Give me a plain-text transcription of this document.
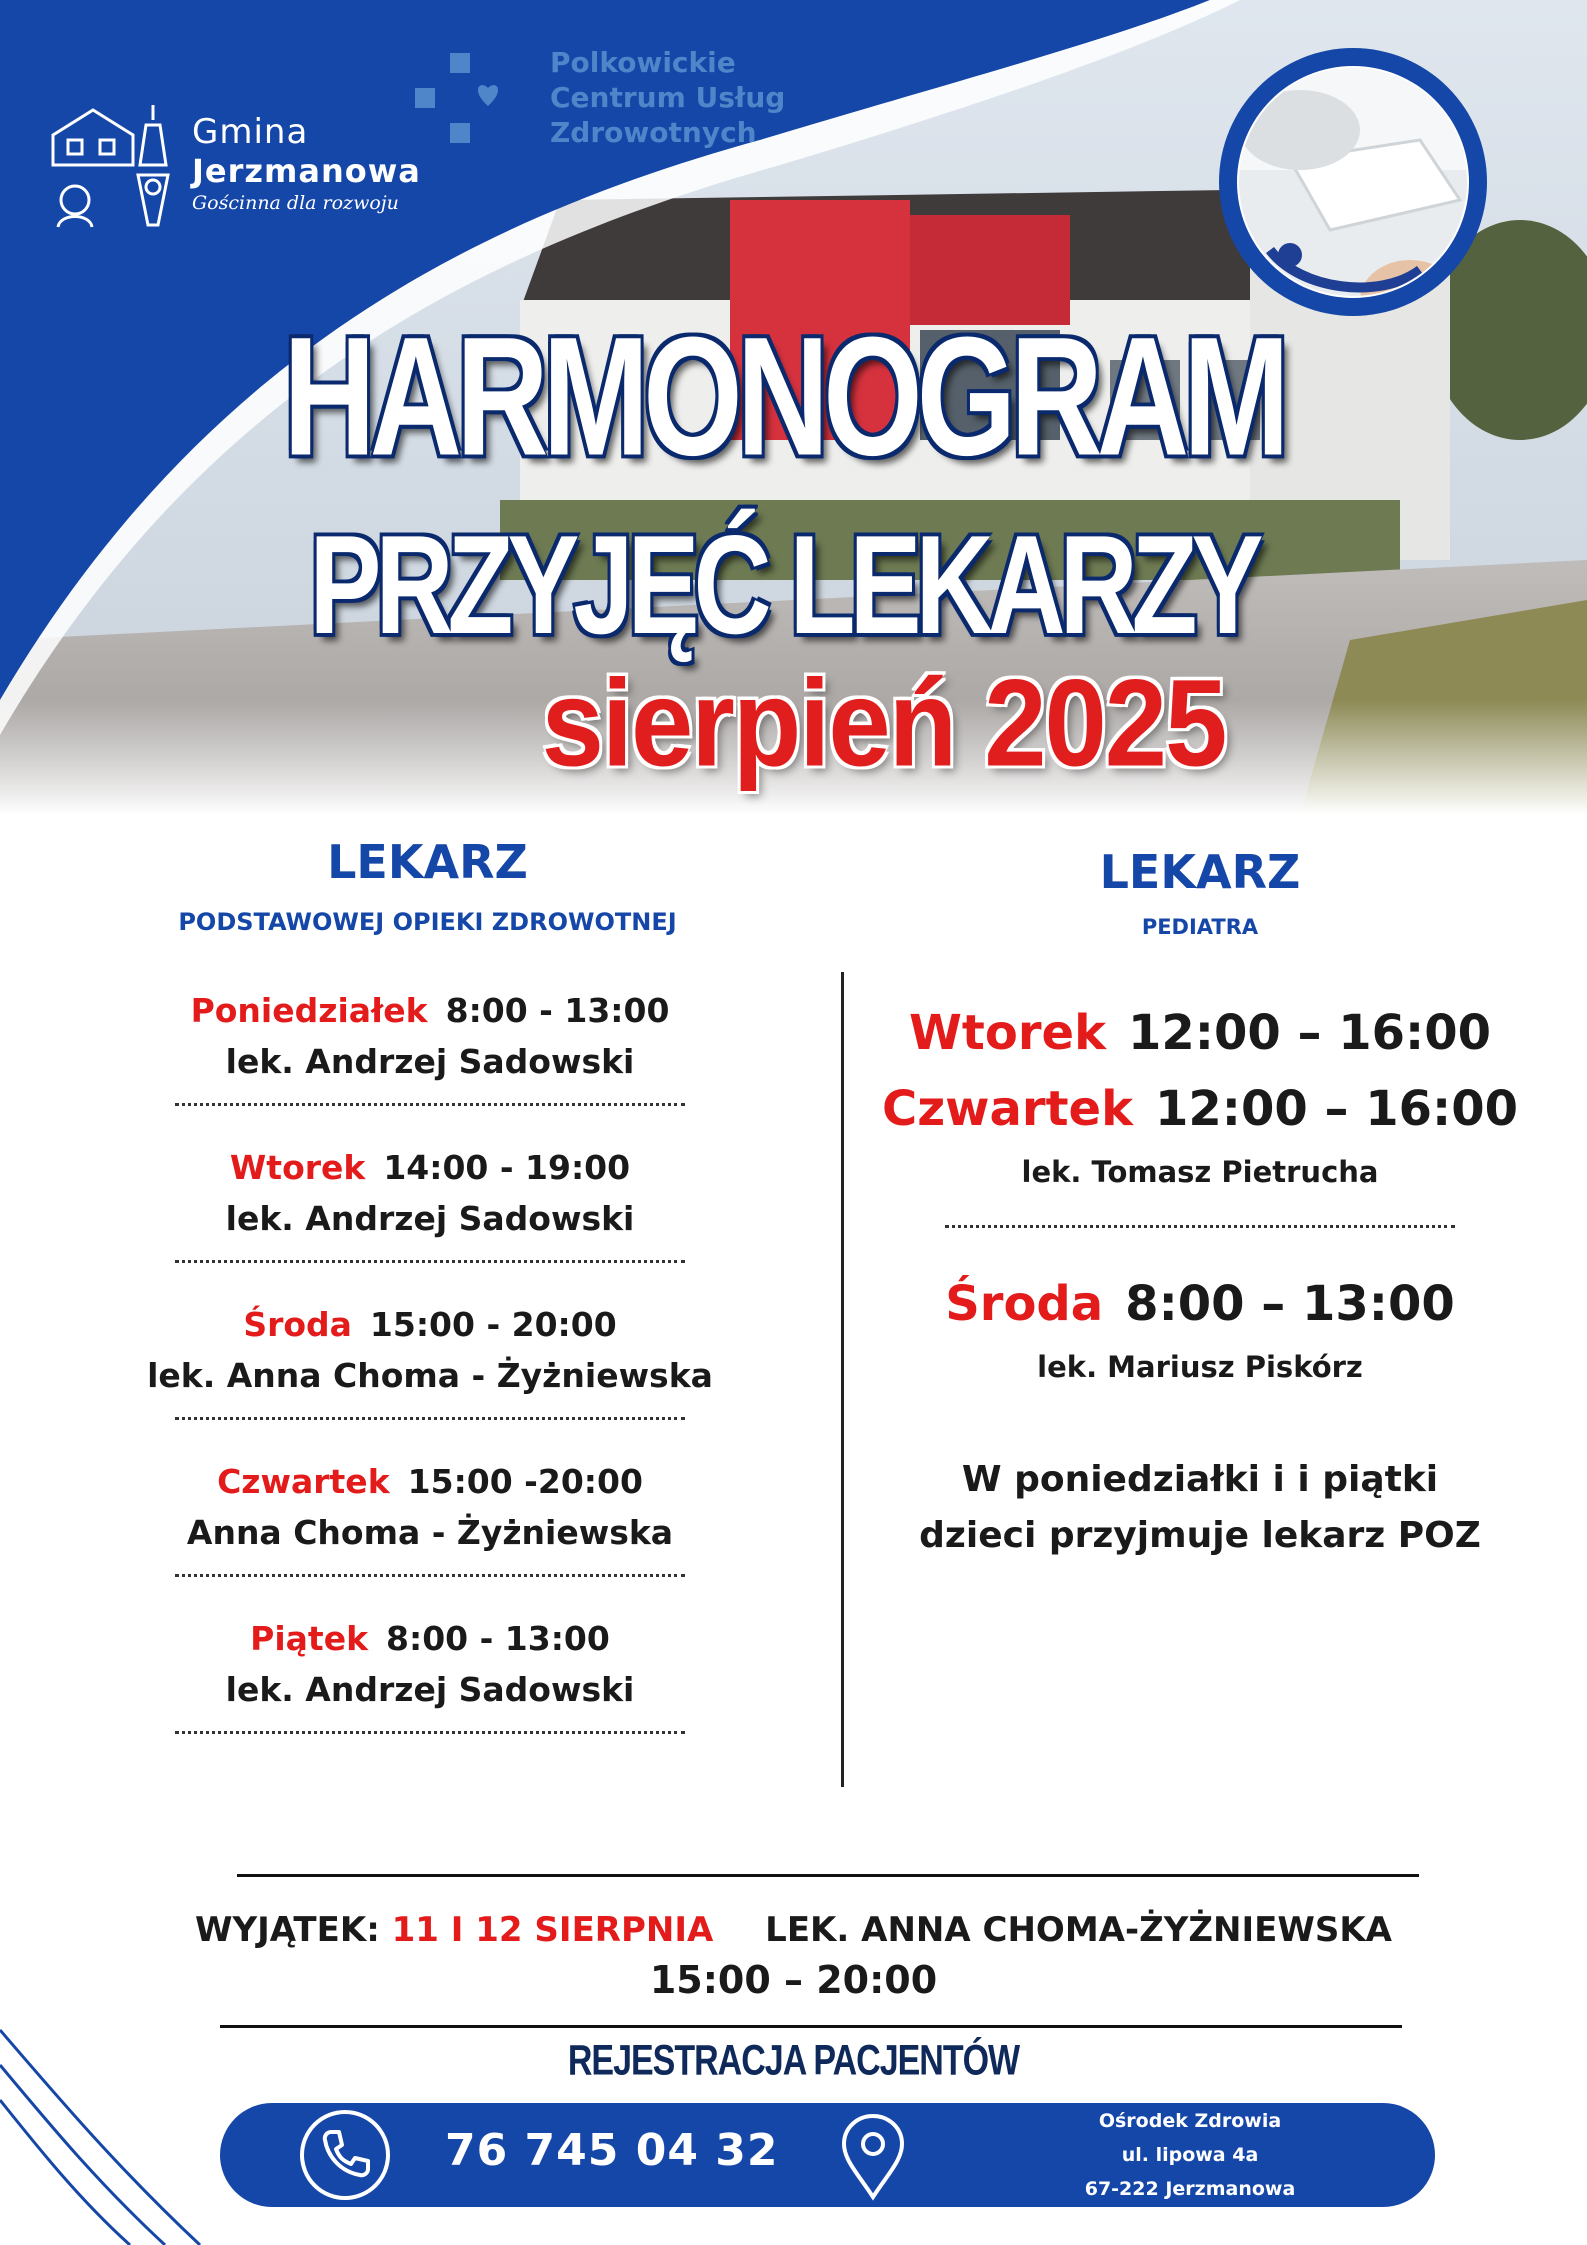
Gmina
Jerzmanowa
Gościnna dla rozwoju
Polkowickie
Centrum Usług
Zdrowotnych
HARMONOGRAM
PRZYJĘĆ LEKARZY
sierpień 2025
LEKARZ
PODSTAWOWEJ OPIEKI ZDROWOTNEJ
LEKARZ
PEDIATRA
Poniedziałek 8:00 - 13:00
lek. Andrzej Sadowski
Wtorek 14:00 - 19:00
lek. Andrzej Sadowski
Środa 15:00 - 20:00
lek. Anna Choma - Żyżniewska
Czwartek 15:00 -20:00
Anna Choma - Żyżniewska
Piątek 8:00 - 13:00
lek. Andrzej Sadowski
Wtorek 12:00 – 16:00
Czwartek 12:00 – 16:00
lek. Tomasz Pietrucha
Środa 8:00 – 13:00
lek. Mariusz Piskórz
W poniedziałki i i piątki
dzieci przyjmuje lekarz POZ
WYJĄTEK: 11 I 12 SIERPNIA LEK. ANNA CHOMA-ŻYŻNIEWSKA
15:00 – 20:00
REJESTRACJA PACJENTÓW
76 745 04 32
Ośrodek Zdrowia
ul. lipowa 4a
67-222 Jerzmanowa
